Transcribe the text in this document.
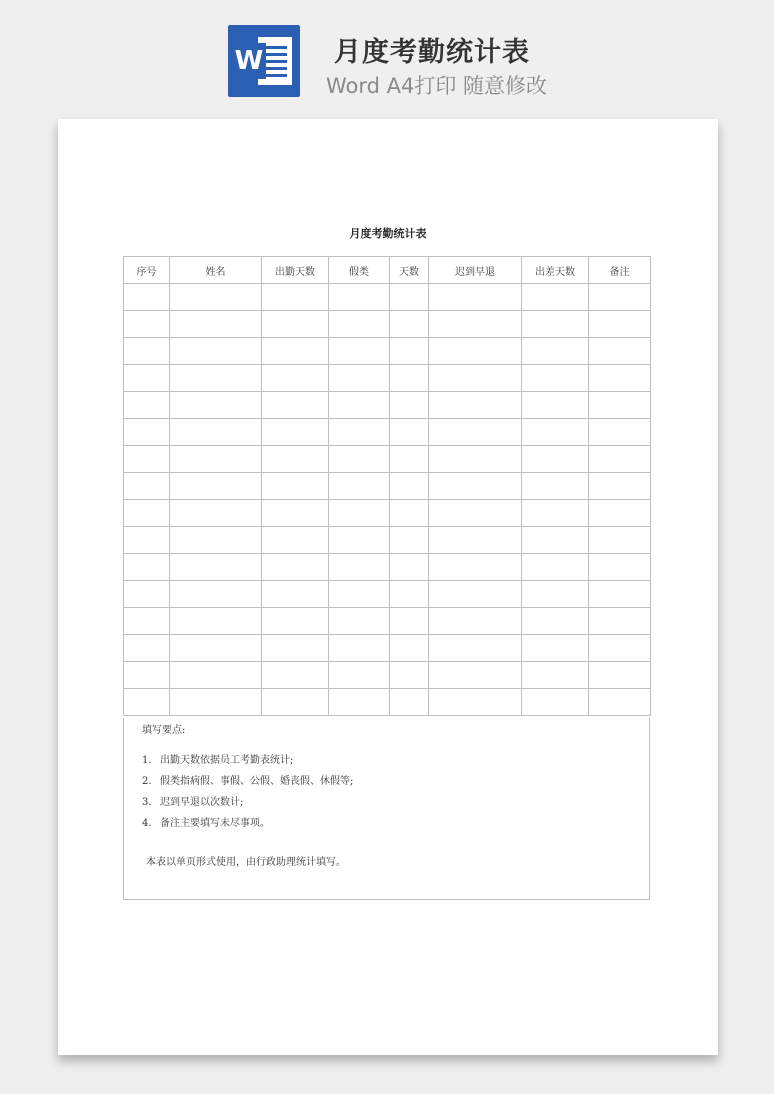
W	月度考勤统计表
Word A4打印 随意修改
月度考勤统计表
序号	姓名	出勤天数	假类	天数	迟到早退	出差天数	备注

填写要点:
1. 出勤天数依据员工考勤表统计;
2. 假类指病假、事假、公假、婚丧假、休假等;
3. 迟到早退以次数计;
4. 备注主要填写未尽事项。
本表以单页形式使用，由行政助理统计填写。
